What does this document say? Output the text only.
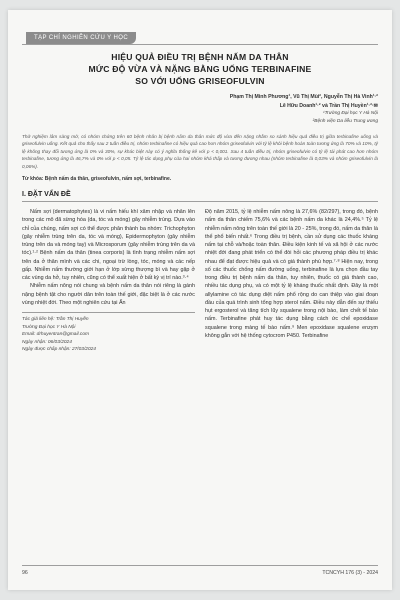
TẠP CHÍ NGHIÊN CỨU Y HỌC
HIỆU QUẢ ĐIỀU TRỊ BỆNH NẤM DA THÂN
MỨC ĐỘ VỪA VÀ NẶNG BẰNG UỐNG TERBINAFINE
SO VỚI UỐNG GRISEOFULVIN
Phạm Thị Minh Phương¹, Vũ Thị Mùi², Nguyễn Thị Hà Vinh¹·²
Lê Hữu Doanh¹·² và Trần Thị Huyền¹·²·✉
¹Trường Đại học Y Hà Nội
²Bệnh viện Da liễu Trung ương
Thử nghiệm lâm sàng mở, có nhóm chứng trên 60 bệnh nhân bị bệnh nấm da thân mức độ vừa đến nặng nhằm so sánh hiệu quả điều trị giữa terbinafine uống và griseofulvin uống. Kết quả cho thấy sau 2 tuần điều trị, nhóm terbinafine có hiệu quả cao hơn nhóm griseofulvin với tỷ lệ khỏi bệnh hoàn toàn tương ứng là 70% và 10%, tỷ lệ không thay đổi tương ứng là 0% và 30%, sự khác biệt này có ý nghĩa thống kê với p < 0,001. Sau 4 tuần điều trị, nhóm griseofulvin có tỷ lệ tái phát cao hơn nhóm terbinafine, tương ứng là 46,7% và 0% với p < 0,05. Tỷ lệ tác dụng phụ của hai nhóm khá thấp và tương đương nhau (nhóm terbinafine là 0,03% và nhóm griseofulvin là 0,06%).
Từ khóa: Bệnh nấm da thân, griseofulvin, nấm sợi, terbinafine.
I. ĐẶT VẤN ĐỀ

Nấm sợi (dermatophytes) là vi nấm hiếu khí xâm nhập và nhân lên trong các mô đã sừng hóa (da, tóc và móng) gây nhiễm trùng. Dựa vào chỉ của chúng, nấm sợi có thể được phân thành ba nhóm: Trichophyton (gây nhiễm trùng trên da, tóc và móng), Epidermophyton (gây nhiễm trùng trên da và móng tay) và Microsporum (gây nhiễm trùng trên da và tóc).¹·² Bệnh nấm da thân (tinea corporis) là tình trạng nhiễm nấm sợi trên da ở thân mình và các chi, ngoại trừ lòng, tóc, móng và các nếp gấp. Nhiễm nấm thường giới hạn ở lớp sừng thượng bì và hay gặp ở các vùng da hở, tuy nhiên, cũng có thể xuất hiện ở bất kỳ vị trí nào.³·⁴

Nhiễm nấm nông nói chung và bệnh nấm da thân nói riêng là gánh nặng bệnh tật cho người dân trên toàn thế giới, đặc biệt là ở các nước vùng nhiệt đới. Theo một nghiên cứu tại Ấn

Tác giả liên hệ: Trần Thị Huyền
Trường Đại học Y Hà Nội
Email: drhuyentran@gmail.com
Ngày nhận: 06/03/2024
Ngày được chấp nhận: 27/03/2024

Độ năm 2015, tỷ lệ nhiễm nấm nông là 27,6% (82/297), trong đó, bệnh nấm da thân chiếm 75,6% và các bệnh nấm da khác là 24,4%.⁵ Tỷ lệ nhiễm nấm nông trên toàn thế giới là 20 - 25%, trong đó, nấm da thân là thể phổ biến nhất.⁶ Trong điều trị bệnh, cần sử dụng các thuốc kháng nấm tại chỗ và/hoặc toàn thân. Điều kiện kinh tế và xã hội ở các nước nhiệt đới đang phát triển có thể đòi hỏi các phương pháp điều trị khác nhau để đạt được hiệu quả và có giá thành phù hợp.⁷·⁸ Hiện nay, trong số các thuốc chống nấm đường uống, terbinafine là lựa chọn đầu tay trong điều trị bệnh nấm da thân, tuy nhiên, thuốc có giá thành cao, nhiều tác dụng phụ, và có một tỷ lệ kháng thuốc nhất định. Đây là một allylamine có tác dụng diệt nấm phổ rộng do can thiệp vào giai đoạn đầu của quá trình sinh tổng hợp sterol nấm. Điều này dẫn đến sự thiếu hụt ergosterol và tăng tích lũy squalene trong nội bào, làm chết tế bào nấm. Terbinafine phát huy tác dụng bằng cách ức chế epoxidase squalene trong màng tế bào nấm.⁹ Men epoxidase squalene enzym không gắn với hệ thống cytocrom P450. Terbinafine

96	TCNCYH 176 (3) - 2024
